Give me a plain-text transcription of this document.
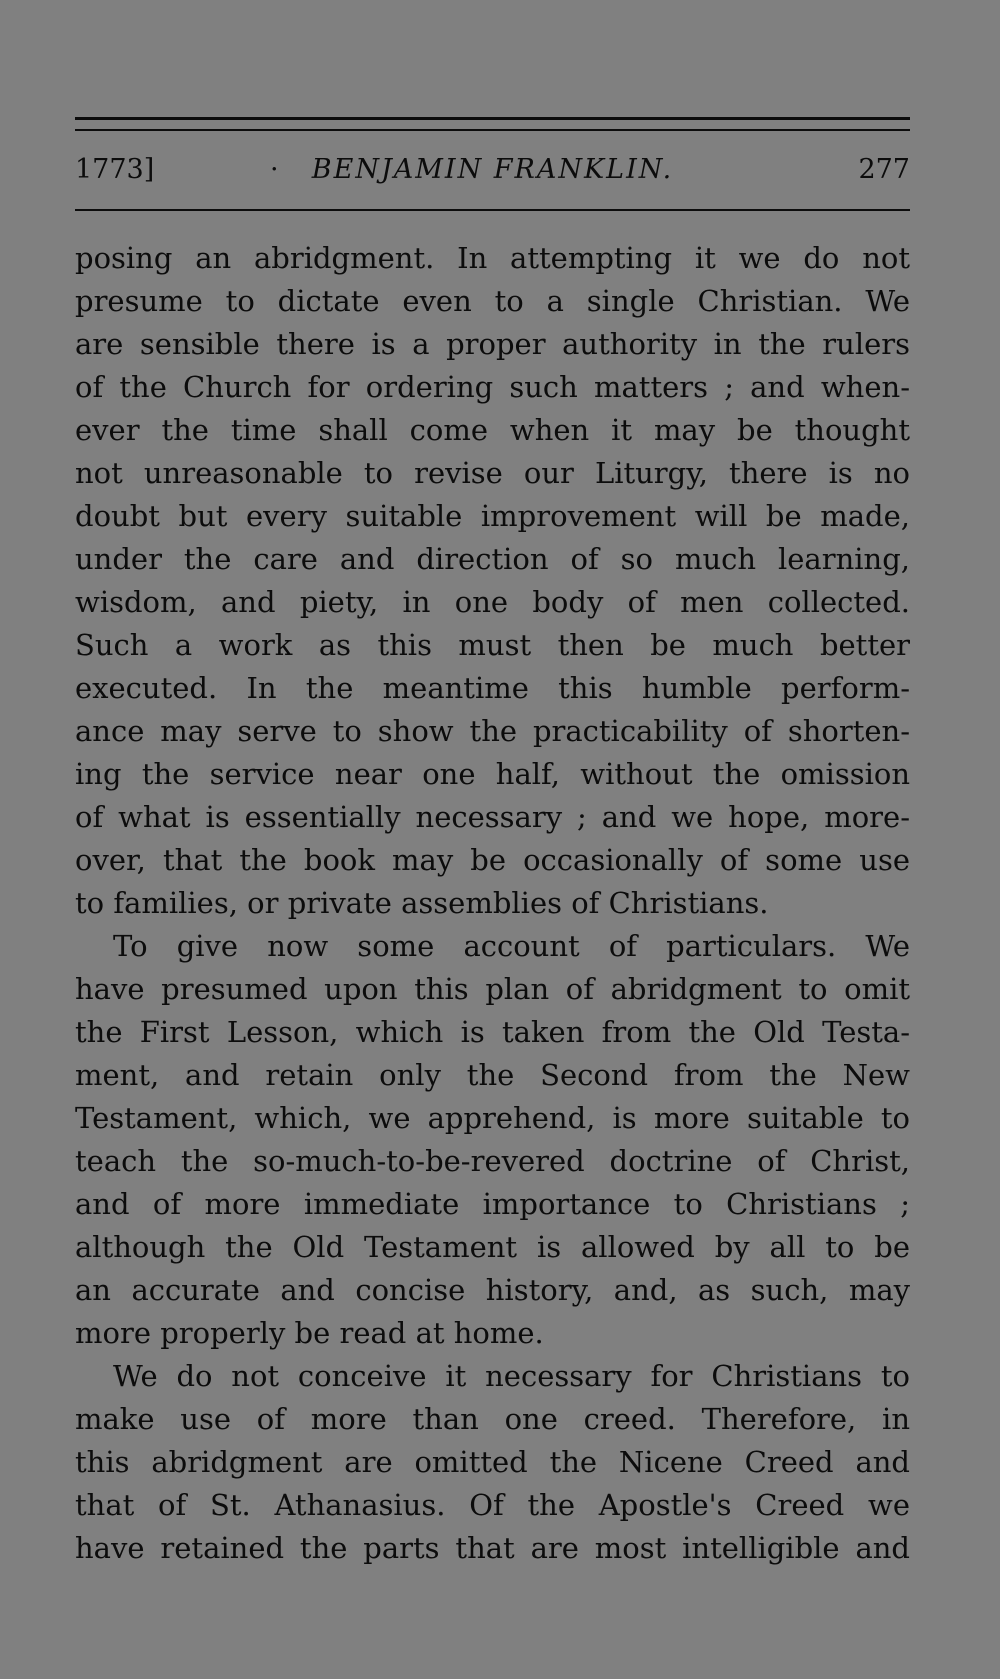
1773]	·	BENJAMIN FRANKLIN.	277
posing an abridgment. In attempting it we do not
presume to dictate even to a single Christian. We
are sensible there is a proper authority in the rulers
of the Church for ordering such matters ; and when-
ever the time shall come when it may be thought
not unreasonable to revise our Liturgy, there is no
doubt but every suitable improvement will be made,
under the care and direction of so much learning,
wisdom, and piety, in one body of men collected.
Such a work as this must then be much better
executed. In the meantime this humble perform-
ance may serve to show the practicability of shorten-
ing the service near one half, without the omission
of what is essentially necessary ; and we hope, more-
over, that the book may be occasionally of some use
to families, or private assemblies of Christians.
To give now some account of particulars. We
have presumed upon this plan of abridgment to omit
the First Lesson, which is taken from the Old Testa-
ment, and retain only the Second from the New
Testament, which, we apprehend, is more suitable to
teach the so-much-to-be-revered doctrine of Christ,
and of more immediate importance to Christians ;
although the Old Testament is allowed by all to be
an accurate and concise history, and, as such, may
more properly be read at home.
We do not conceive it necessary for Christians to
make use of more than one creed. Therefore, in
this abridgment are omitted the Nicene Creed and
that of St. Athanasius. Of the Apostle's Creed we
have retained the parts that are most intelligible and
